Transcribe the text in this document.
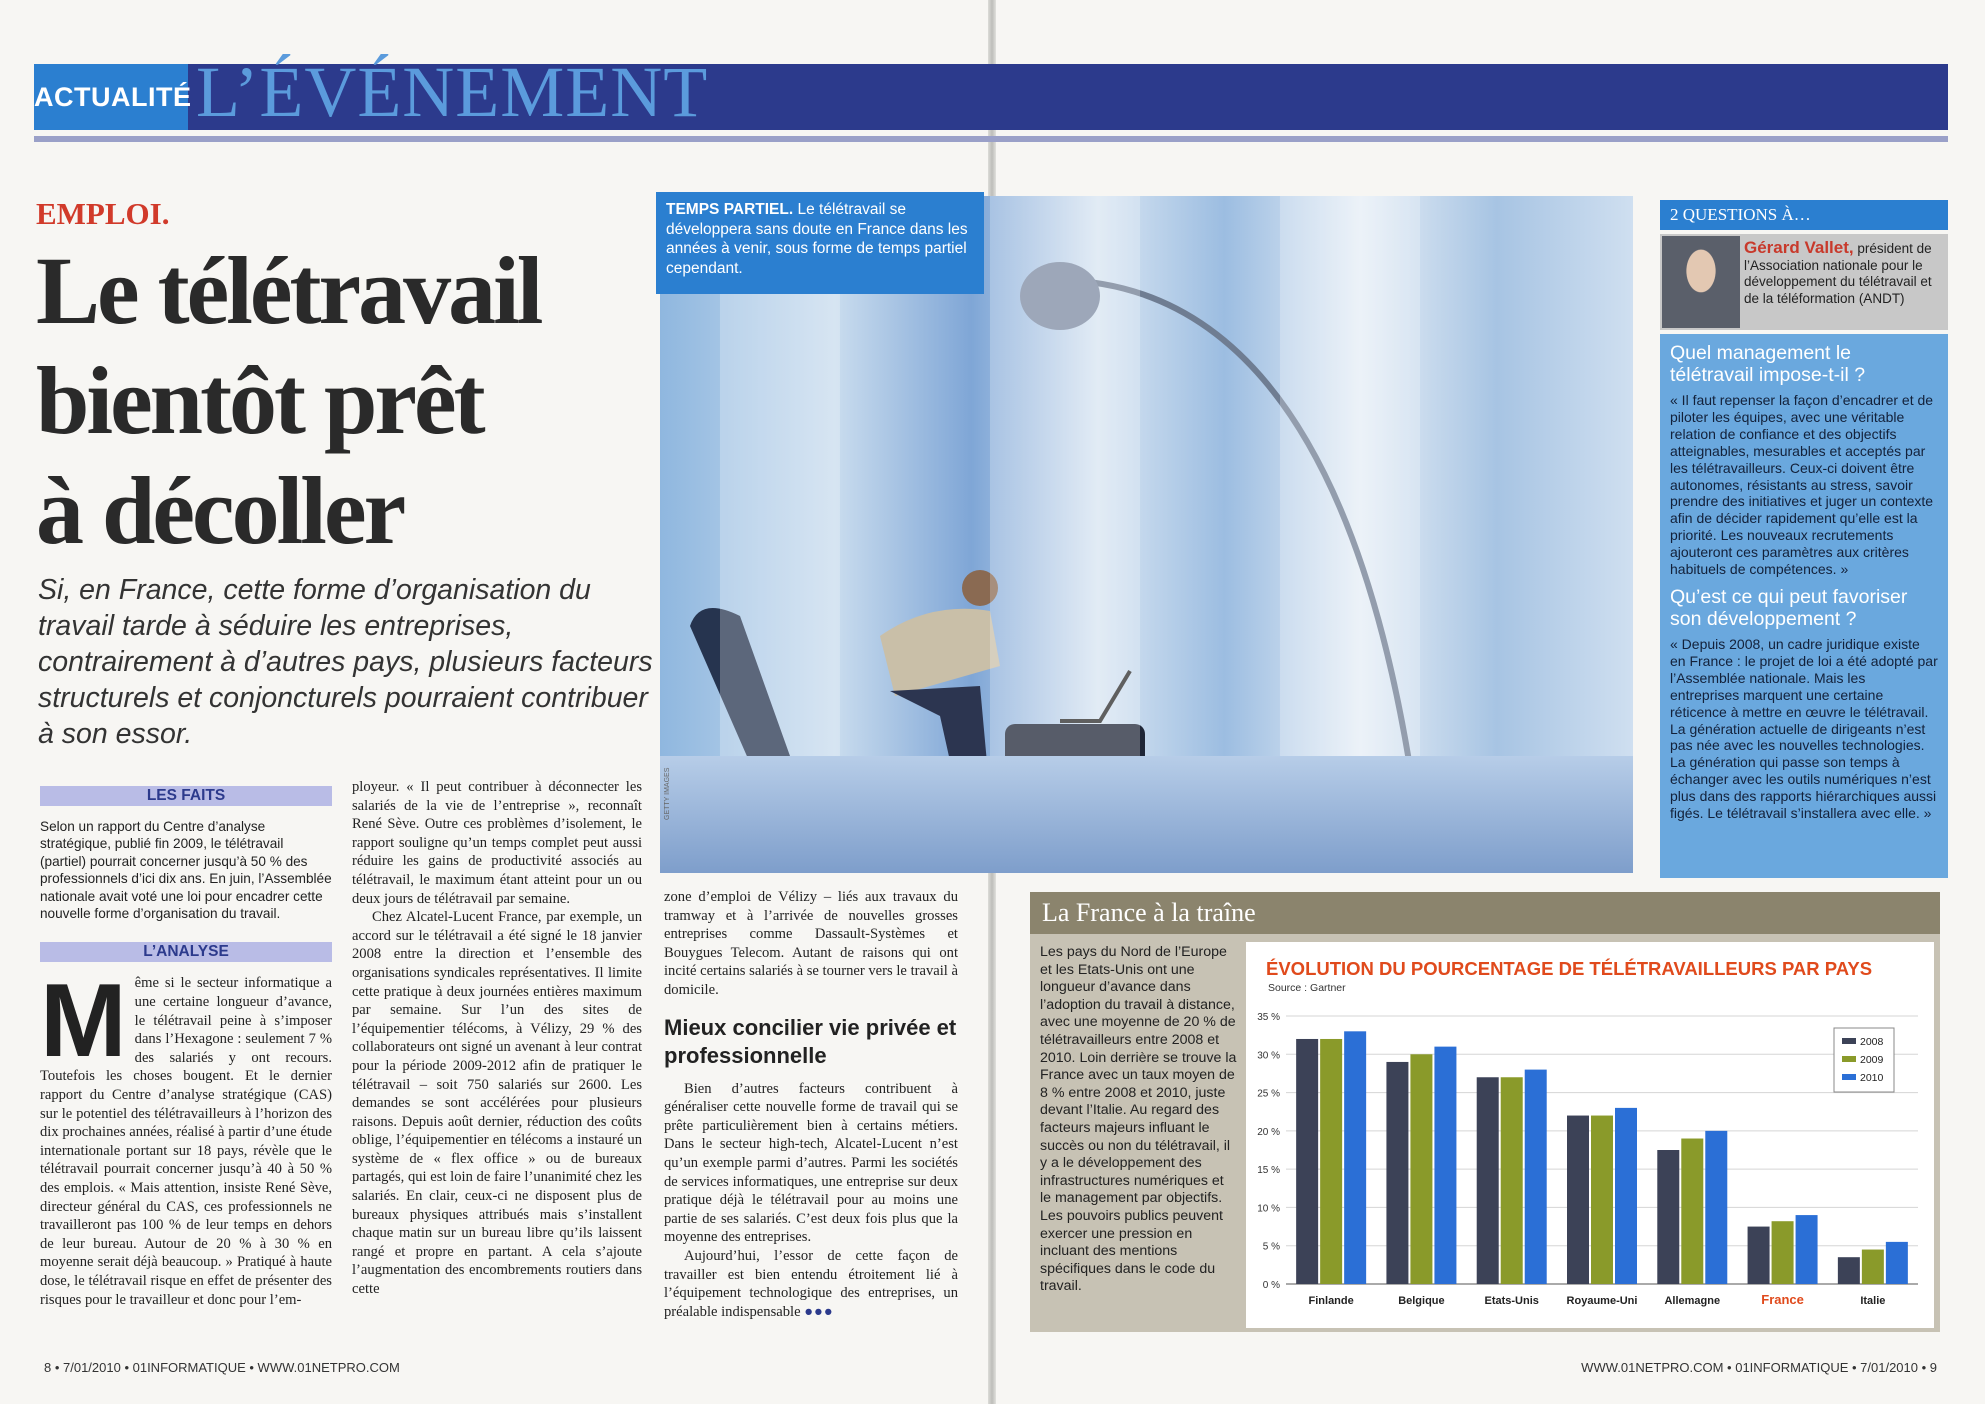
ACTUALITÉ L’ÉVÉNEMENT
EMPLOI.
Le télétravail
bientôt prêt
à décoller

Si, en France, cette forme d’organisation du travail tarde à séduire les entreprises, contrairement à d’autres pays, plusieurs facteurs structurels et conjoncturels pourraient contribuer à son essor.

LES FAITS

Selon un rapport du Centre d’analyse stratégique, publié fin 2009, le télétravail (partiel) pourrait concerner jusqu’à 50 % des professionnels d’ici dix ans. En juin, l’Assemblée nationale avait voté une loi pour encadrer cette nouvelle forme d’organisation du travail.

L’ANALYSE

Même si le secteur informatique a une certaine longueur d’avance, le télétravail peine à s’imposer dans l’Hexagone : seulement 7 % des salariés y ont recours. Toutefois les choses bougent. Et le dernier rapport du Centre d’analyse stratégique (CAS) sur le potentiel des télétravailleurs à l’horizon des dix prochaines années, réalisé à partir d’une étude internationale portant sur 18 pays, révèle que le télétravail pourrait concerner jusqu’à 40 à 50 % des emplois. « Mais attention, insiste René Sève, directeur général du CAS, ces professionnels ne travailleront pas 100 % de leur temps en dehors de leur bureau. Autour de 20 % à 30 % en moyenne serait déjà beaucoup. » Pratiqué à haute dose, le télétravail risque en effet de présenter des risques pour le travailleur et donc pour l’em-

ployeur. « Il peut contribuer à déconnecter les salariés de la vie de l’entreprise », reconnaît René Sève. Outre ces problèmes d’isolement, le rapport souligne qu’un temps complet peut aussi réduire les gains de productivité associés au télétravail, le maximum étant atteint pour un ou deux jours de télétravail par semaine.

Chez Alcatel-Lucent France, par exemple, un accord sur le télétravail a été signé le 18 janvier 2008 entre la direction et l’ensemble des organisations syndicales représentatives. Il limite cette pratique à deux journées entières maximum par semaine. Sur l’un des sites de l’équipementier télécoms, à Vélizy, 29 % des collaborateurs ont signé un avenant à leur contrat pour la période 2009-2012 afin de pratiquer le télétravail – soit 750 salariés sur 2600. Les demandes se sont accélérées pour plusieurs raisons. Depuis août dernier, réduction des coûts oblige, l’équipementier en télécoms a instauré un système de « flex office » ou de bureaux partagés, qui est loin de faire l’unanimité chez les salariés. En clair, ceux-ci ne disposent plus de bureaux physiques attribués mais s’installent chaque matin sur un bureau libre qu’ils laissent rangé et propre en partant. A cela s’ajoute l’augmentation des encombrements routiers dans cette

zone d’emploi de Vélizy – liés aux travaux du tramway et à l’arrivée de nouvelles grosses entreprises comme Dassault-Systèmes et Bouygues Telecom. Autant de raisons qui ont incité certains salariés à se tourner vers le travail à domicile.

Mieux concilier vie privée et professionnelle

Bien d’autres facteurs contribuent à généraliser cette nouvelle forme de travail qui se prête particulièrement bien à certains métiers. Dans le secteur high-tech, Alcatel-Lucent n’est qu’un exemple parmi d’autres. Parmi les sociétés de services informatiques, une entreprise sur deux pratique déjà le télétravail pour au moins une partie de ses salariés. C’est deux fois plus que la moyenne des entreprises.

Aujourd’hui, l’essor de cette façon de travailler est bien entendu étroitement lié à l’équipement technologique des entreprises, un préalable indispensable ●●●

TEMPS PARTIEL. Le télétravail se développera sans doute en France dans les années à venir, sous forme de temps partiel cependant.
GETTY IMAGES
2 QUESTIONS À…
Gérard Vallet, président de l’Association nationale pour le développement du télétravail et de la téléformation (ANDT)

Quel management le télétravail impose-t-il ?

« Il faut repenser la façon d’encadrer et de piloter les équipes, avec une véritable relation de confiance et des objectifs atteignables, mesurables et acceptés par les télétravailleurs. Ceux-ci doivent être autonomes, résistants au stress, savoir prendre des initiatives et juger un contexte afin de décider rapidement qu’elle est la priorité. Les nouveaux recrutements ajouteront ces paramètres aux critères habituels de compétences. »

Qu’est ce qui peut favoriser son développement ?

« Depuis 2008, un cadre juridique existe en France : le projet de loi a été adopté par l’Assemblée nationale. Mais les entreprises marquent une certaine réticence à mettre en œuvre le télétravail. La génération actuelle de dirigeants n’est pas née avec les nouvelles technologies. La génération qui passe son temps à échanger avec les outils numériques n’est plus dans des rapports hiérarchiques aussi figés. Le télétravail s’installera avec elle. »

La France à la traîne

Les pays du Nord de l’Europe et les Etats-Unis ont une longueur d’avance dans l’adoption du travail à distance, avec une moyenne de 20 % de télétravailleurs entre 2008 et 2010. Loin derrière se trouve la France avec un taux moyen de 8 % entre 2008 et 2010, juste devant l’Italie. Au regard des facteurs majeurs influant le succès ou non du télétravail, il y a le développement des infrastructures numériques et le management par objectifs. Les pouvoirs publics peuvent exercer une pression en incluant des mentions spécifiques dans le code du travail.	0 %
5 %
10 %
15 %
20 %
25 %
30 %
35 %
Finlande	Belgique	Etats-Unis	Royaume-Uni Allemagne	France	Italie
2008
2009
2010
ÉVOLUTION DU POURCENTAGE DE TÉLÉTRAVAILLEURS PAR PAYS
Source : Gartner
8 • 7/01/2010 • 01INFORMATIQUE • WWW.01NETPRO.COM	WWW.01NETPRO.COM • 01INFORMATIQUE • 7/01/2010 • 9
